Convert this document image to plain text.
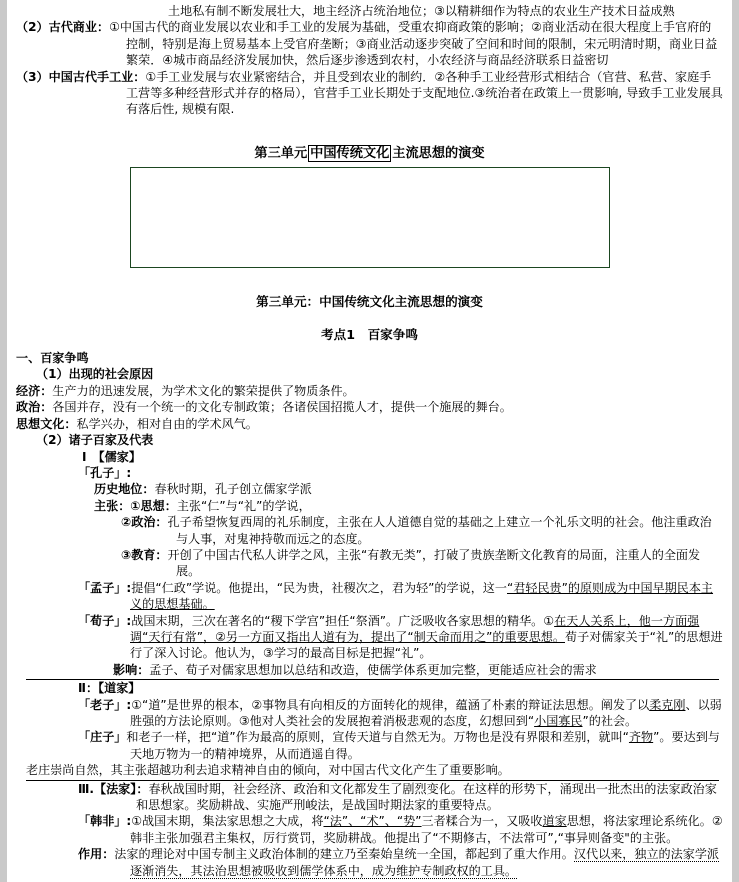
土地私有制不断发展壮大，地主经济占统治地位；③以精耕细作为特点的农业生产技术日益成熟
（2）古代商业：①中国古代的商业发展以农业和手工业的发展为基础，受重农抑商政策的影响；②商业活动在很大程度上手官府的控制，特别是海上贸易基本上受官府垄断；③商业活动逐步突破了空间和时间的限制，宋元明清时期，商业日益繁荣．④城市商品经济发展加快，然后逐步渗透到农村，小农经济与商品经济联系日益密切
（3）中国古代手工业：①手工业发展与农业紧密结合，并且受到农业的制约．②各种手工业经营形式相结合（官营、私营、家庭手工营等多种经营形式并存的格局），官营手工业长期处于支配地位.③统治者在政策上一贯影响, 导致手工业发展具有落后性, 规模有限.
第三单元 中国传统文化 主流思想的演变
第三单元：中国传统文化主流思想的演变
考点1　百家争鸣
一、百家争鸣
（1）出现的社会原因
经济：生产力的迅速发展，为学术文化的繁荣提供了物质条件。
政治：各国并存，没有一个统一的文化专制政策；各诸侯国招揽人才，提供一个施展的舞台。
思想文化：私学兴办，相对自由的学术风气。
（2）诸子百家及代表
Ⅰ　【儒家】
「孔子」:
历史地位：春秋时期，孔子创立儒家学派
主张：①思想：主张“仁”与“礼”的学说，
②政治：孔子希望恢复西周的礼乐制度，主张在人人道德自觉的基础之上建立一个礼乐文明的社会。他注重政治与人事，对鬼神持敬而远之的态度。
③教育：开创了中国古代私人讲学之风，主张“有教无类”，打破了贵族垄断文化教育的局面，注重人的全面发展。
「孟子」:提倡“仁政”学说。他提出，“民为贵，社稷次之，君为轻”的学说，这一“君轻民贵”的原则成为中国早期民本主义的思想基础。
「荀子」:战国末期，三次在著名的“稷下学宫”担任“祭酒”。广泛吸收各家思想的精华。①在天人关系上，他一方面强调“天行有常”，②另一方面又指出人道有为，提出了“制天命而用之”的重要思想。荀子对儒家关于“礼”的思想进行了深入讨论。他认为，③学习的最高目标是把握“礼”。
影响：孟子、荀子对儒家思想加以总结和改造，使儒学体系更加完整，更能适应社会的需求
Ⅱ：【道家】
「老子」:①“道”是世界的根本，②事物具有向相反的方面转化的规律，蕴涵了朴素的辩证法思想。阐发了以柔克刚、以弱胜强的方法论原则。③他对人类社会的发展抱着消极悲观的态度，幻想回到“小国寡民”的社会。
「庄子」和老子一样，把“道”作为最高的原则，宣传天道与自然无为。万物也是没有界限和差别，就叫“齐物”。要达到与天地万物为一的精神境界，从而逍遥自得。
老庄崇尚自然，其主张超越功利去追求精神自由的倾向，对中国古代文化产生了重要影响。
Ⅲ.【法家】：春秋战国时期，社会经济、政治和文化都发生了剧烈变化。在这样的形势下，涌现出一批杰出的法家政治家和思想家。奖励耕战、实施严刑峻法，是战国时期法家的重要特点。
「韩非」:①战国末期，集法家思想之大成，将“法”、“术”、“势”三者糅合为一，又吸收道家思想，将法家理论系统化。②韩非主张加强君主集权，厉行赏罚，奖励耕战。他提出了“不期修古，不法常可”,“事异则备变"的主张。
作用：法家的理论对中国专制主义政治体制的建立乃至秦始皇统一全国，都起到了重大作用。汉代以来，独立的法家学派逐渐消失，其法治思想被吸收到儒学体系中，成为维护专制政权的工具。
